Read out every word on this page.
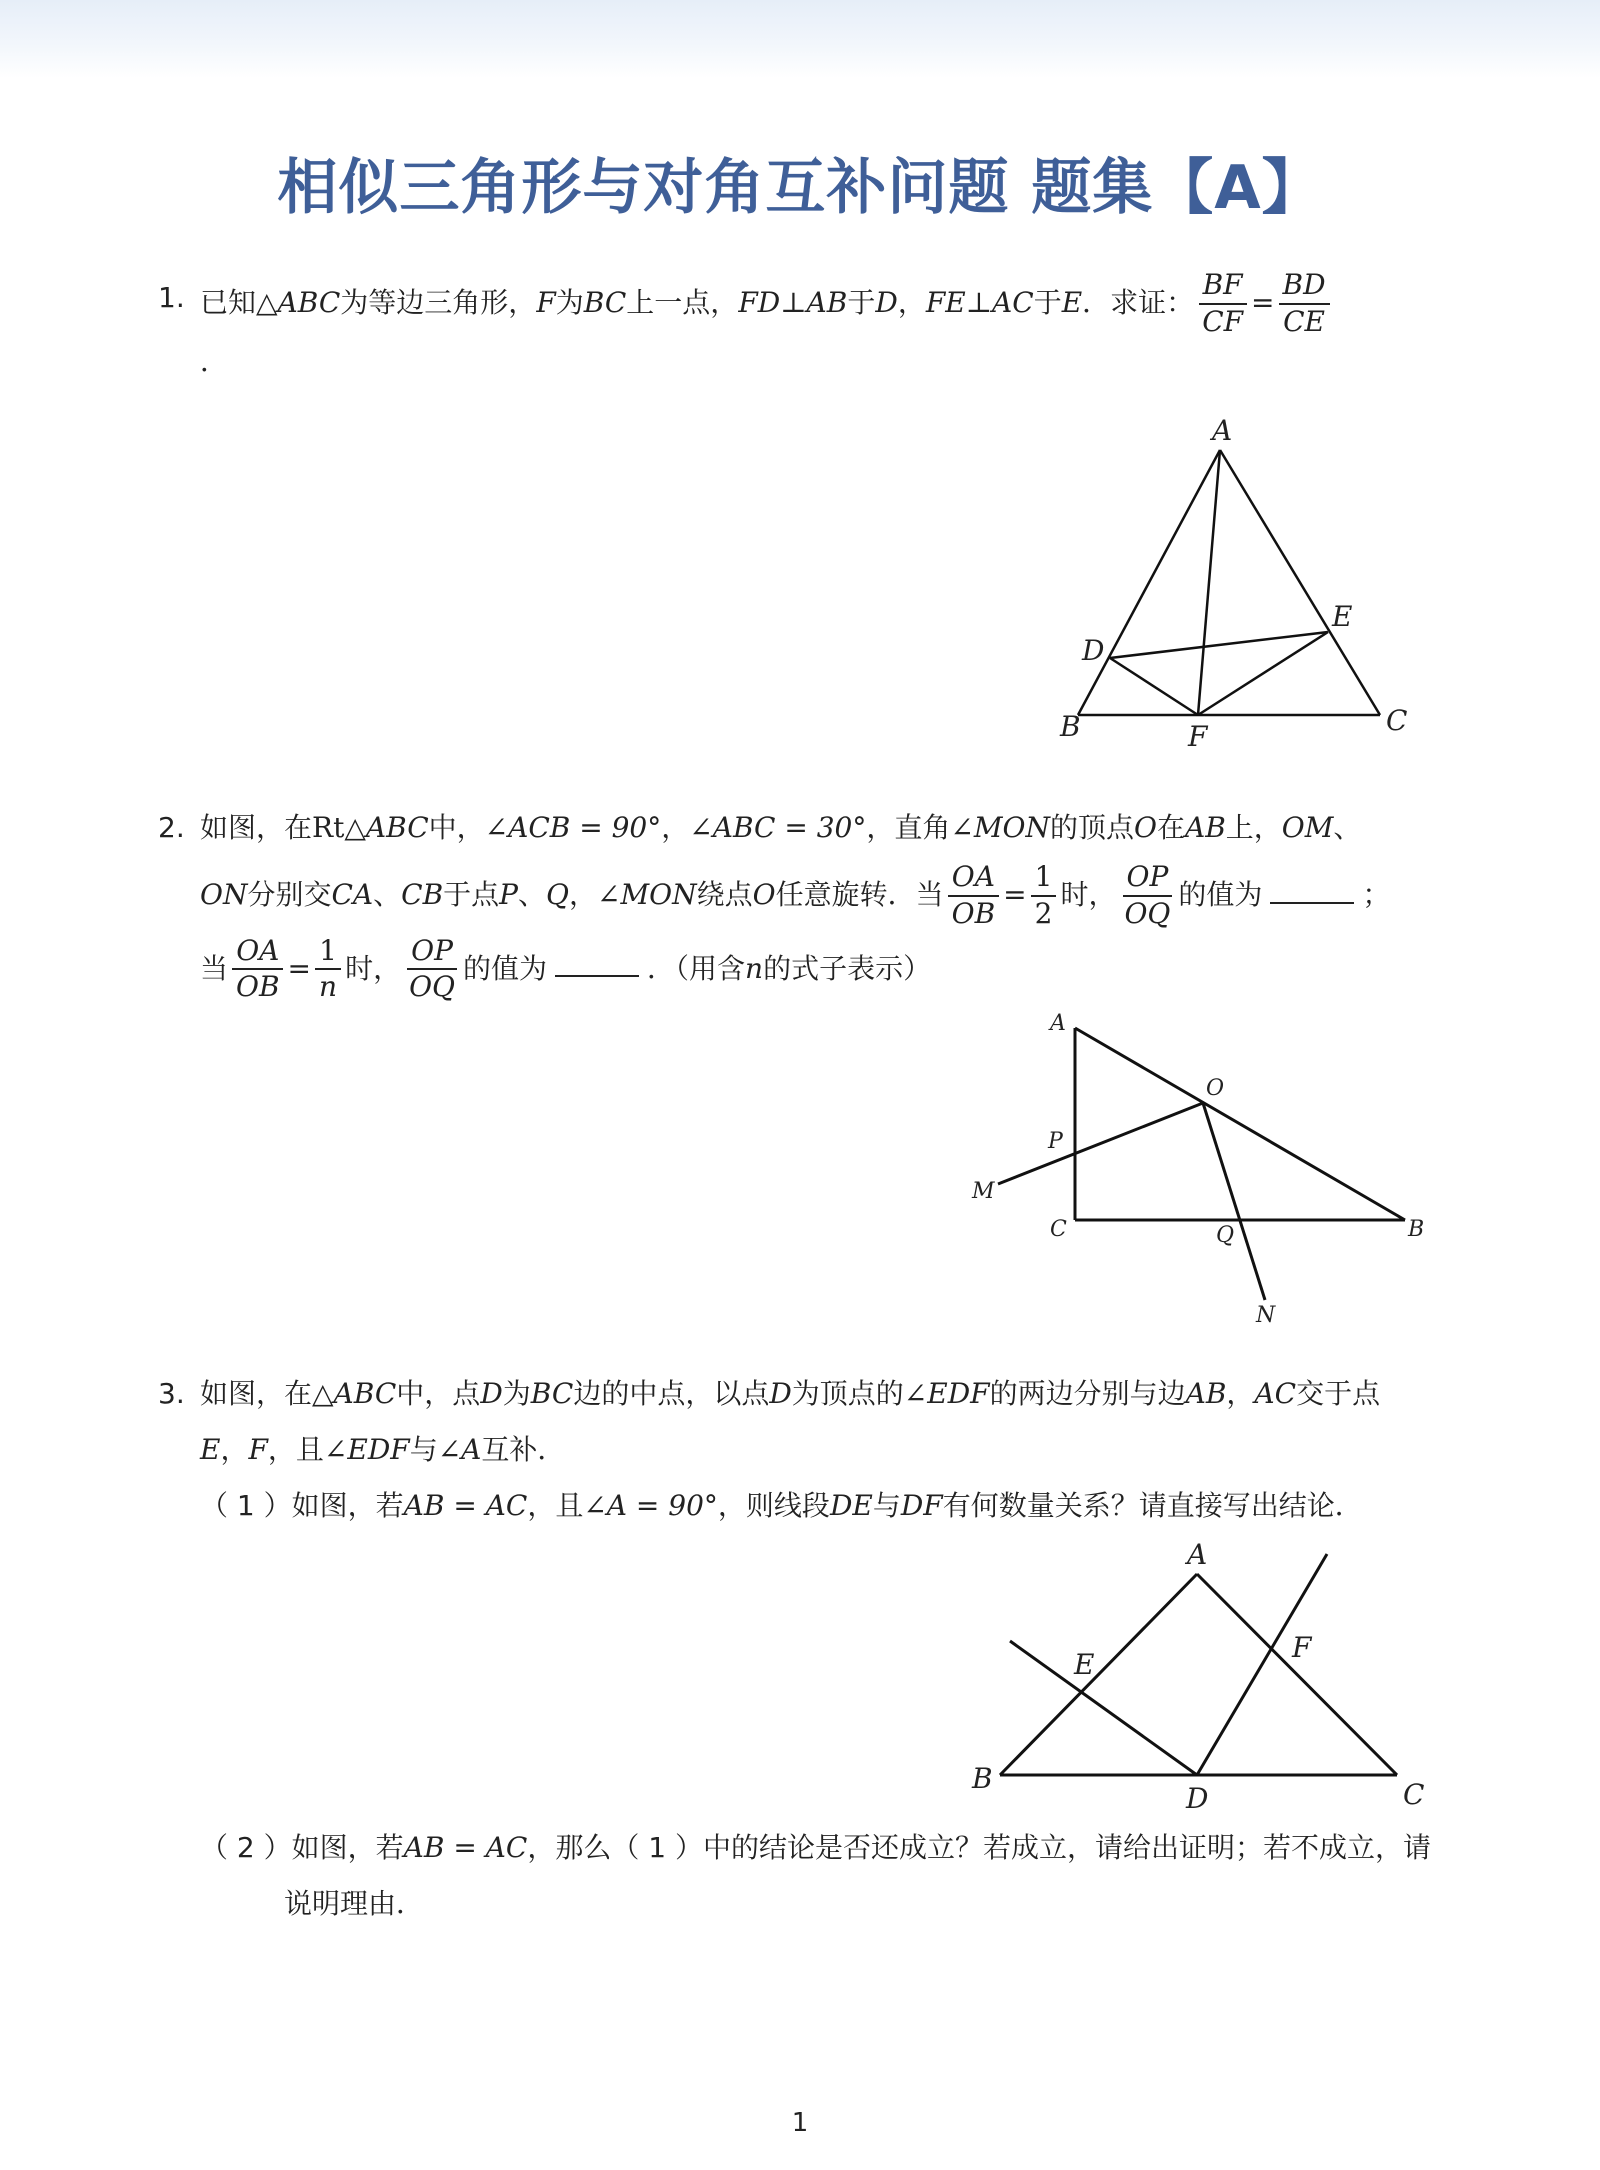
相似三角形与对角互补问题 题集【A】
1. 已知△ABC为等边三角形，F为BC上一点，FD⊥AB于D，FE⊥AC于E．求证： $\frac{BF}{CF} = \frac{BD}{CE}$
．
A
B	C
D
E
F
2. 如图，在Rt△ABC中，∠ACB = 90°，∠ABC = 30°，直角∠MON的顶点O在AB上，OM、
ON分别交CA、CB于点P、Q，∠MON绕点O任意旋转．当 $\frac{OA}{OB} = \frac{1}{2}$ 时， $\frac{OP}{OQ}$ 的值为	；
当 $\frac{OA}{OB} = \frac{1}{n}$ 时， $\frac{OP}{OQ}$ 的值为	．（用含n的式子表示）
A
O
P
M
C	Q	B
N
3. 如图，在△ABC中，点D为BC边的中点，以点D为顶点的∠EDF的两边分别与边AB，AC交于点
E，F，且∠EDF与∠A互补．
（ 1 ）如图，若AB = AC，且∠A = 90°，则线段DE与DF有何数量关系？请直接写出结论．
A
B	C
D
E
F
（ 2 ）如图，若AB = AC，那么（ 1 ）中的结论是否还成立？若成立，请给出证明；若不成立，请
说明理由．
1
